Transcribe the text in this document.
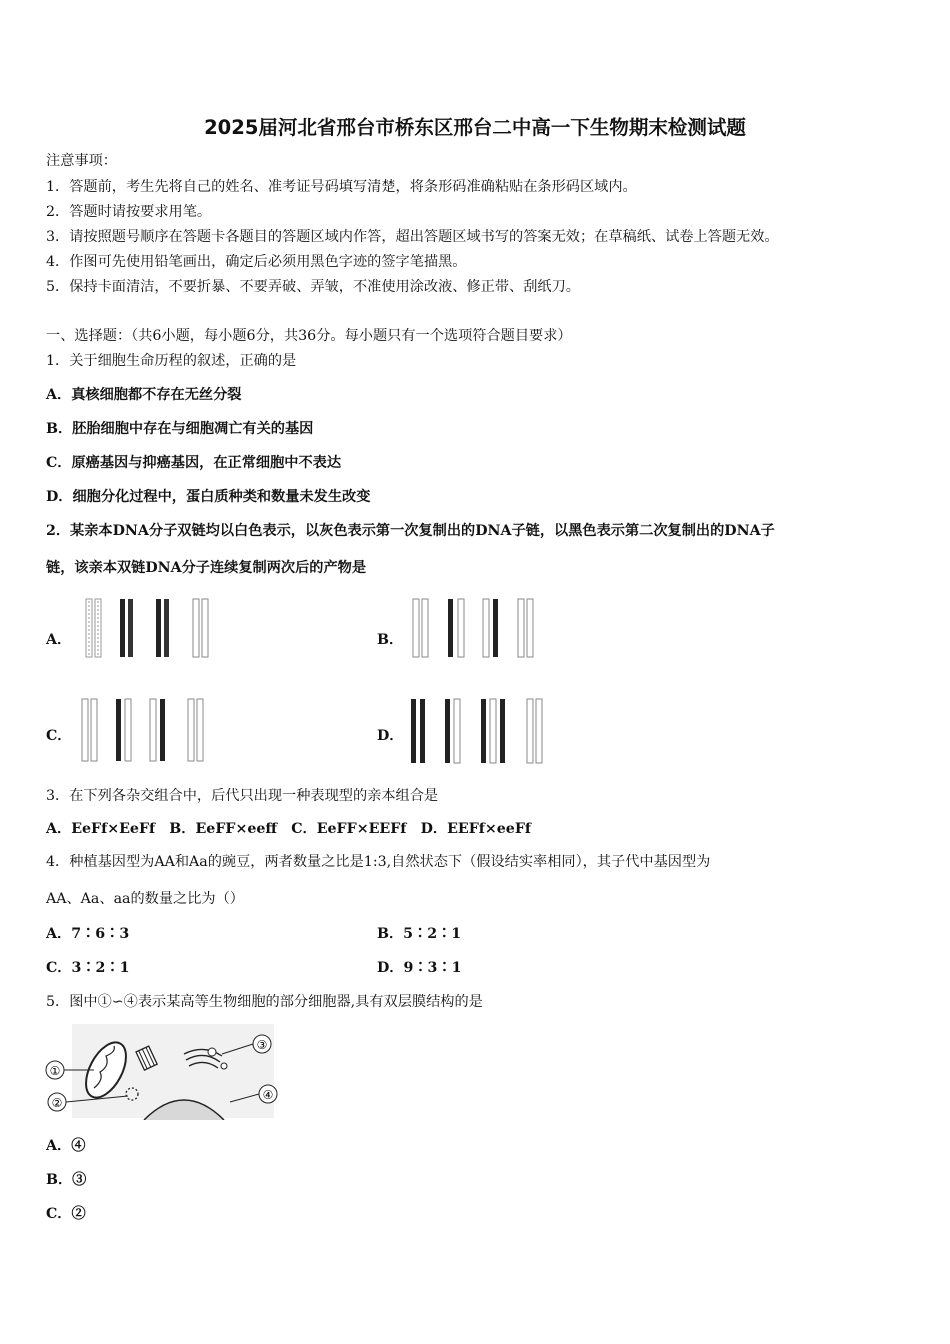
2025届河北省邢台市桥东区邢台二中高一下生物期末检测试题
注意事项：
1．答题前，考生先将自己的姓名、准考证号码填写清楚，将条形码准确粘贴在条形码区域内。
2．答题时请按要求用笔。
3．请按照题号顺序在答题卡各题目的答题区域内作答，超出答题区域书写的答案无效；在草稿纸、试卷上答题无效。
4．作图可先使用铅笔画出，确定后必须用黑色字迹的签字笔描黑。
5．保持卡面清洁，不要折暴、不要弄破、弄皱，不准使用涂改液、修正带、刮纸刀。
一、选择题：（共6小题，每小题6分，共36分。每小题只有一个选项符合题目要求）
1．关于细胞生命历程的叙述，正确的是
A．真核细胞都不存在无丝分裂
B．胚胎细胞中存在与细胞凋亡有关的基因
C．原癌基因与抑癌基因，在正常细胞中不表达
D．细胞分化过程中，蛋白质种类和数量未发生改变
2．某亲本DNA分子双链均以白色表示，以灰色表示第一次复制出的DNA子链，以黑色表示第二次复制出的DNA子
链，该亲本双链DNA分子连续复制两次后的产物是
A．	B．
C．	D．
3．在下列各杂交组合中，后代只出现一种表现型的亲本组合是
A．EeFf×EeFf　B．EeFF×eeff　C．EeFF×EEFf　D．EEFf×eeFf
4．种植基因型为AA和Aa的豌豆，两者数量之比是1:3,自然状态下（假设结实率相同），其子代中基因型为
AA、Aa、aa的数量之比为（）
A．7∶6∶3	B．5∶2∶1
C．3∶2∶1	D．9∶3∶1
5．图中①∽④表示某高等生物细胞的部分细胞器,具有双层膜结构的是
①
②
③
④
A．④
B．③
C．②
